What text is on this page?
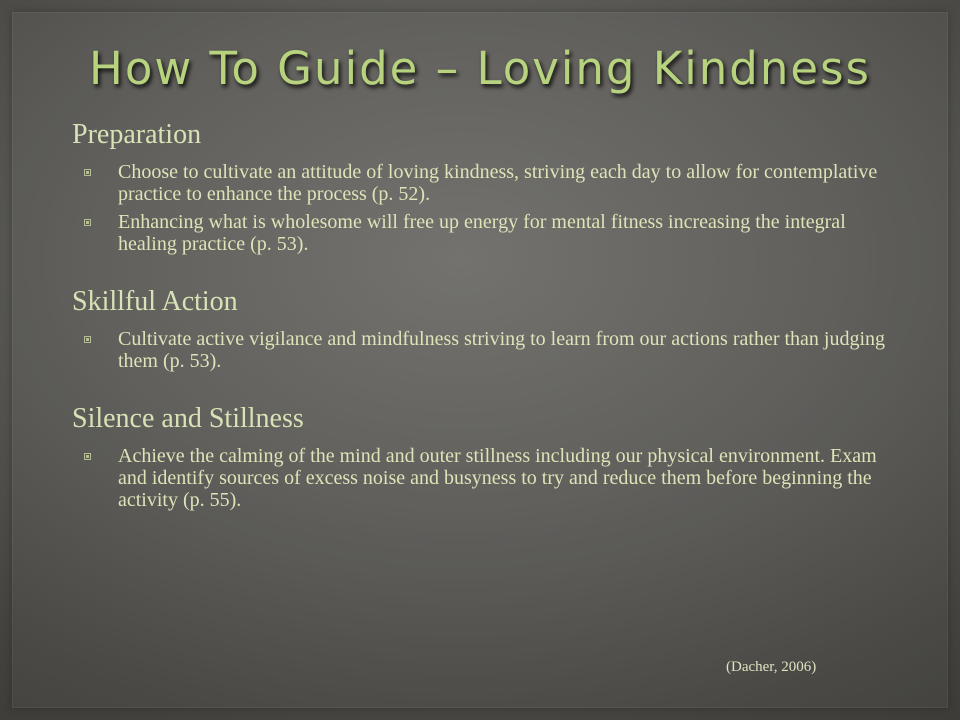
How To Guide – Loving Kindness
Preparation
Choose to cultivate an attitude of loving kindness, striving each day to allow for contemplative practice to enhance the process (p. 52).
Enhancing what is wholesome will free up energy for mental fitness increasing the integral healing practice (p. 53).
Skillful Action
Cultivate active vigilance and mindfulness striving to learn from our actions rather than judging them (p. 53).
Silence and Stillness
Achieve the calming of the mind and outer stillness including our physical environment. Exam and identify sources of excess noise and busyness to try and reduce them before beginning the activity (p. 55).
(Dacher, 2006)
